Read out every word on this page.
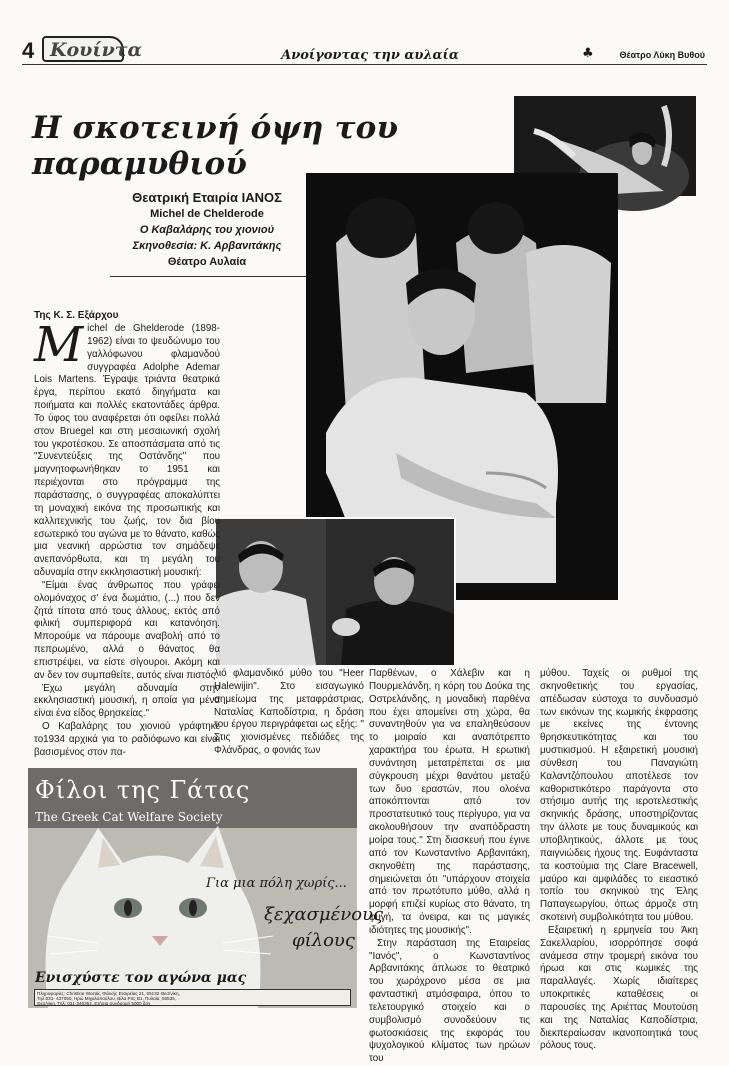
4 Κουίντα	Ανοίγοντας την αυλαία	♣	Θέατρο Λύκη Βυθού
Η σκοτεινή όψη του παραμυθιού
Θεατρική Εταιρία ΙΑΝΟΣ
Michel de Chelderode
Ο Καβαλάρης του χιονιού
Σκηνοθεσία: Κ. Αρβανιτάκης
Θέατρο Αυλαία
Της Κ. Σ. Εξάρχου

Michel de Ghelderode (1898-1962) είναι το ψευδώνυμο του γαλλόφωνου φλαμανδού συγγραφέα Adolphe Ademar Lois Martens. Έγραψε τριάντα θεατρικά έργα, περίπου εκατό διηγήματα και ποιήματα και πολλές εκατοντάδες άρθρα. Το ύφος του αναφέρεται ότι οφείλει πολλά στον Bruegel και στη μεσαιωνική σχολή του γκροτέσκου. Σε αποσπάσματα από τις "Συνεντεύξεις της Οστάνδης" που μαγνητοφωνήθηκαν το 1951 και περιέχονται στο πρόγραμμα της παράστασης, ο συγγραφέας αποκαλύπτει τη μοναχική εικόνα της προσωπικής και καλλιτεχνικής του ζωής, τον δια βίου εσωτερικό του αγώνα με το θάνατο, καθώς μια νεανική αρρώστια τον σημάδεψε ανεπανόρθωτα, και τη μεγάλη του αδυναμία στην εκκλησιαστική μουσική:

"Είμαι ένας άνθρωπος που γράφει ολομόναχος σ' ένα δωμάτιο, (...) που δεν ζητά τίποτα από τους άλλους, εκτός από φιλική συμπεριφορά και κατανόηση. Μπορούμε να πάρουμε αναβολή από το πεπρωμένο, αλλά ο θάνατος θα επιστρέψει, να είστε σίγουροι. Ακόμη και αν δεν τον συμπαθείτε, αυτός είναι πιστός.

Έχω μεγάλη αδυναμία στην εκκλησιαστική μουσική, η οποία για μένα είναι ένα είδος θρησκείας."

Ο Καβαλάρης του χιονιού γράφτηκε το1934 αρχικά για το ραδιόφωνο και είναι βασισμένος στον πα-

λιό φλαμανδικό μύθο του "Heer Halewijin". Στο εισαγωγικό σημείωμα της μεταφράστριας, Ναταλίας Καποδίστρια, η δράση του έργου περιγράφεται ως εξής: " Στις χιονισμένες πεδιάδες της Φλάνδρας, ο φονιάς των

Παρθένων, ο Χάλεβιν και η Πουρμελάνδη, η κόρη του Δούκα της Οστρελάνδης, η μοναδική παρθένα που έχει απομείνει στη χώρα, θα συναντηθούν για να επαληθεύσουν το μοιραίο και αναπότρεπτο χαρακτήρα του έρωτα. Η ερωτική συνάντηση μετατρέπεται σε μια σύγκρουση μέχρι θανάτου μεταξύ των δυο εραστών, που ολοένα αποκόπτονται από τον προστατευτικό τους περίγυρο, για να ακολουθήσουν την αναπόδραστη μοίρα τους." Στη διασκευή που έγινε από τον Κωνσταντίνο Αρβανιτάκη, σκηνοθέτη της παράστασης, σημειώνεται ότι "υπάρχουν στοιχεία από τον πρωτότυπο μύθο, αλλά η μορφή επιζεί κυρίως στο θάνατο, τη φυγή, τα όνειρα, και τις μαγικές ιδιότητες της μουσικής".

Στην παράσταση της Εταιρείας "Ιανός", ο Κωνσταντίνος Αρβανιτάκης άπλωσε το θεατρικό του χωρόχρονο μέσα σε μια φανταστική ατμόσφαιρα, όπου το τελετουργικό στοιχείο και ο συμβολισμό συνοδεύουν τις φωτοσκιάσεις της εκφοράς του ψυχολογικού κλίματος των ηρώων του

μύθου. Ταχείς οι ρυθμοί της σκηνοθετικής του εργασίας, απέδωσαν εύστοχα το συνδυασμό των εικόνων της κωμικής έκφρασης με εκείνες της έντονης θρησκευτικότητας και του μυστικισμού. Η εξαιρετική μουσική σύνθεση του Παναγιώτη Καλαντζόπουλου αποτέλεσε τον καθοριστικότερο παράγοντα στο στήσιμο αυτής της ιεροτελεστικής σκηνικής δράσης, υποστηρίζοντας την άλλοτε με τους δυναμικούς και υποβλητικούς, άλλοτε με τους παιγνιώδεις ήχους της. Ευφάνταστα τα κοστούμια της Clare Bracewell, μαύρο και αμφιλάδες το ειεαστικό τοπίο του σκηνικού της Έλης Παπαγεωργίου, όπως άρμοζε στη σκοτεινή συμβολικότητα του μύθου.

Εξαιρετική η ερμηνεία του Άκη Σακελλαρίου, ισορρόπησε σοφά ανάμεσα στην τρομερή εικόνα του ήρωα και στις κωμικές της παραλλαγές. Χωρίς ιδιαίτερες υποκριτικές καταθέσεις οι παρουσίες της Αριέττας Μουτούση και της Ναταλίας Καποδίστρια, διεκπεραίωσαν ικανοποιητικά τους ρόλους τους.

Φίλοι της Γάτας
The Greek Cat Welfare Society
Για μια πόλη χωρίς...
ξεχασμένους
φίλους
Ενισχύστε τον αγώνα μας
Πληροφορίες: Christine Wozak, Φιλικής Εταιρείας 21, 55132 Θεσ/νίκη,
Τηλ:031- 437050, Ηρώ Μιχαλοπούλου, Βίλα Ριτς Β1, Πυλαία, 55535,
Θεσ/νίκη, Τηλ: 031-346352, Ετήσια συνδρομή 5000 δρχ
